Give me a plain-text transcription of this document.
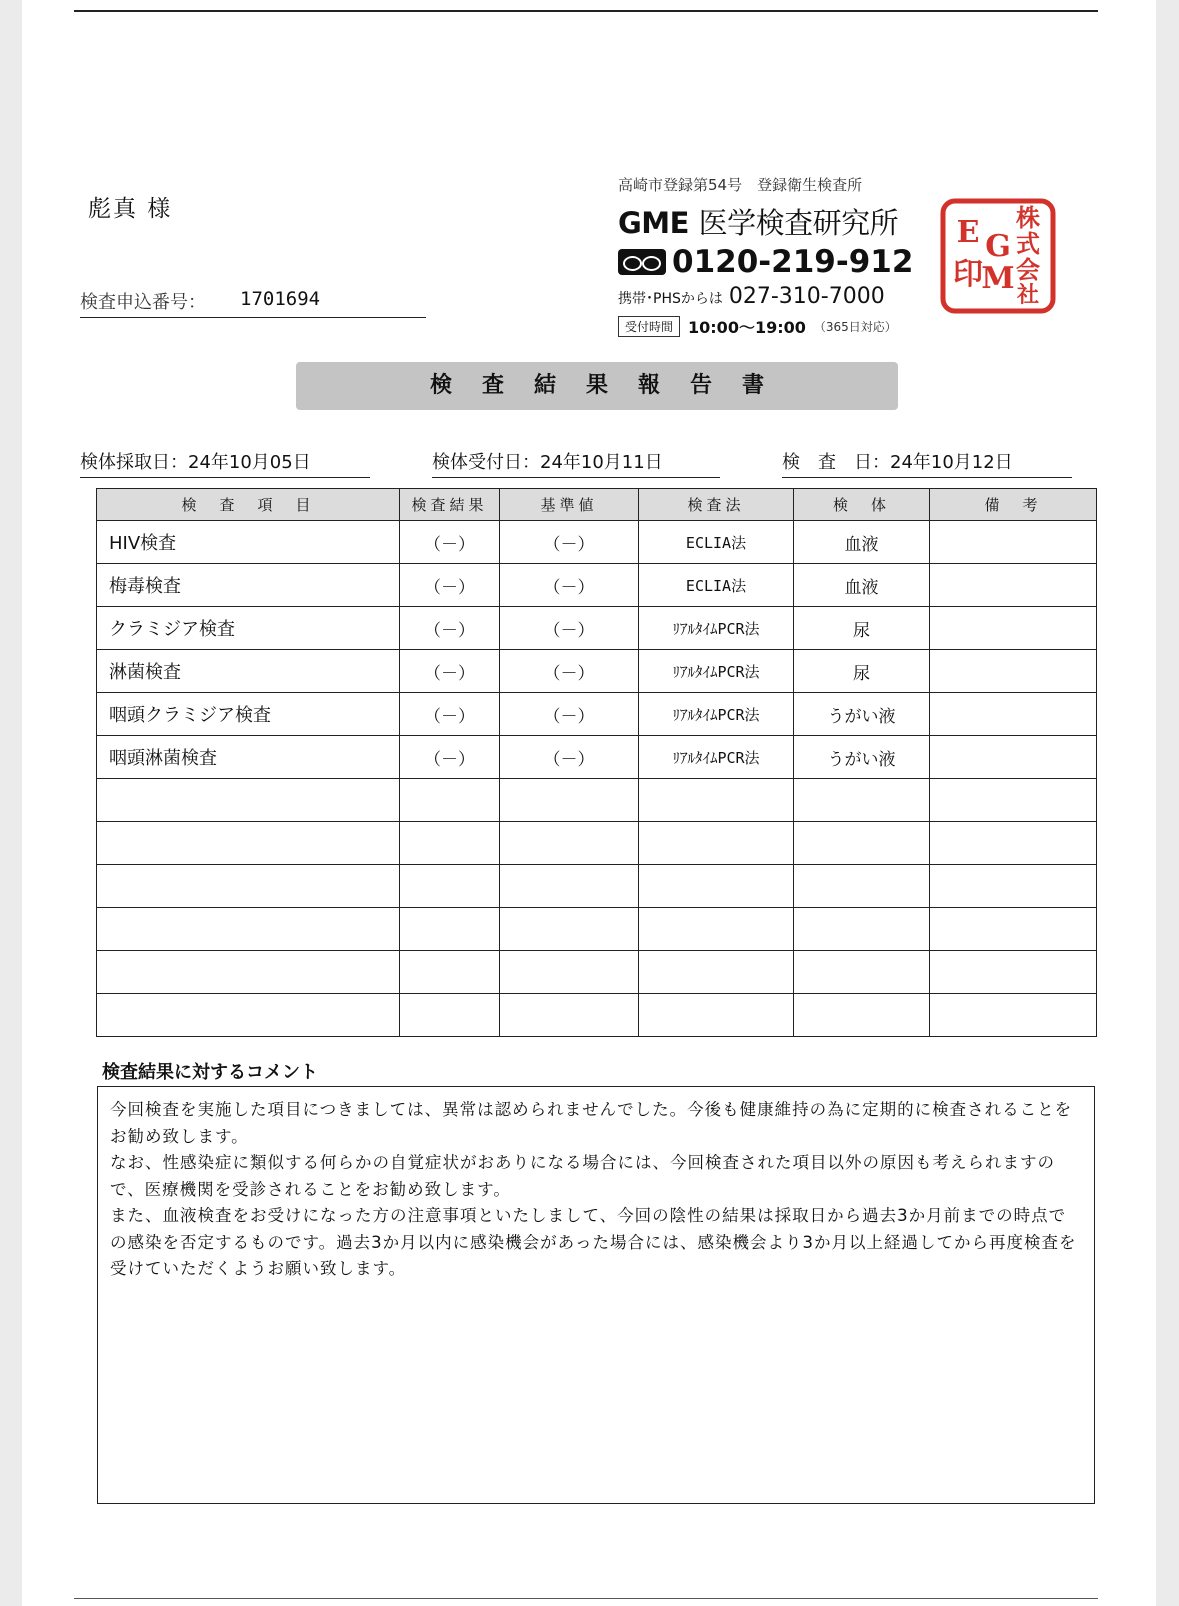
彪真 様
検査申込番号： 1701694
高崎市登録第54号　登録衛生検査所
GME 医学検査研究所
0120-219-912
携帯･PHSからは 027-310-7000
受付時間 10:00～19:00 （365日対応）
株
式
会
社
G
M
E
印
検査結果報告書
検体採取日：24年10月05日	検体受付日：24年10月11日	検　査　日：24年10月12日
検　査　項　目	検査結果	基準値	検査法	検　体	備　考
HIV検査	（－）	（－）	ECLIA法	血液	
梅毒検査	（－）	（－）	ECLIA法	血液	
クラミジア検査	（－）	（－）	ﾘｱﾙﾀｲﾑPCR法	尿	
淋菌検査	（－）	（－）	ﾘｱﾙﾀｲﾑPCR法	尿	
咽頭クラミジア検査	（－）	（－）	ﾘｱﾙﾀｲﾑPCR法	うがい液	
咽頭淋菌検査	（－）	（－）	ﾘｱﾙﾀｲﾑPCR法	うがい液	

検査結果に対するコメント

今回検査を実施した項目につきましては、異常は認められませんでした。今後も健康維持の為に定期的に検査されることをお勧め致します。

なお、性感染症に類似する何らかの自覚症状がおありになる場合には、今回検査された項目以外の原因も考えられますので、医療機関を受診されることをお勧め致します。

また、血液検査をお受けになった方の注意事項といたしまして、今回の陰性の結果は採取日から過去3か月前までの時点での感染を否定するものです。過去3か月以内に感染機会があった場合には、感染機会より3か月以上経過してから再度検査を受けていただくようお願い致します。
